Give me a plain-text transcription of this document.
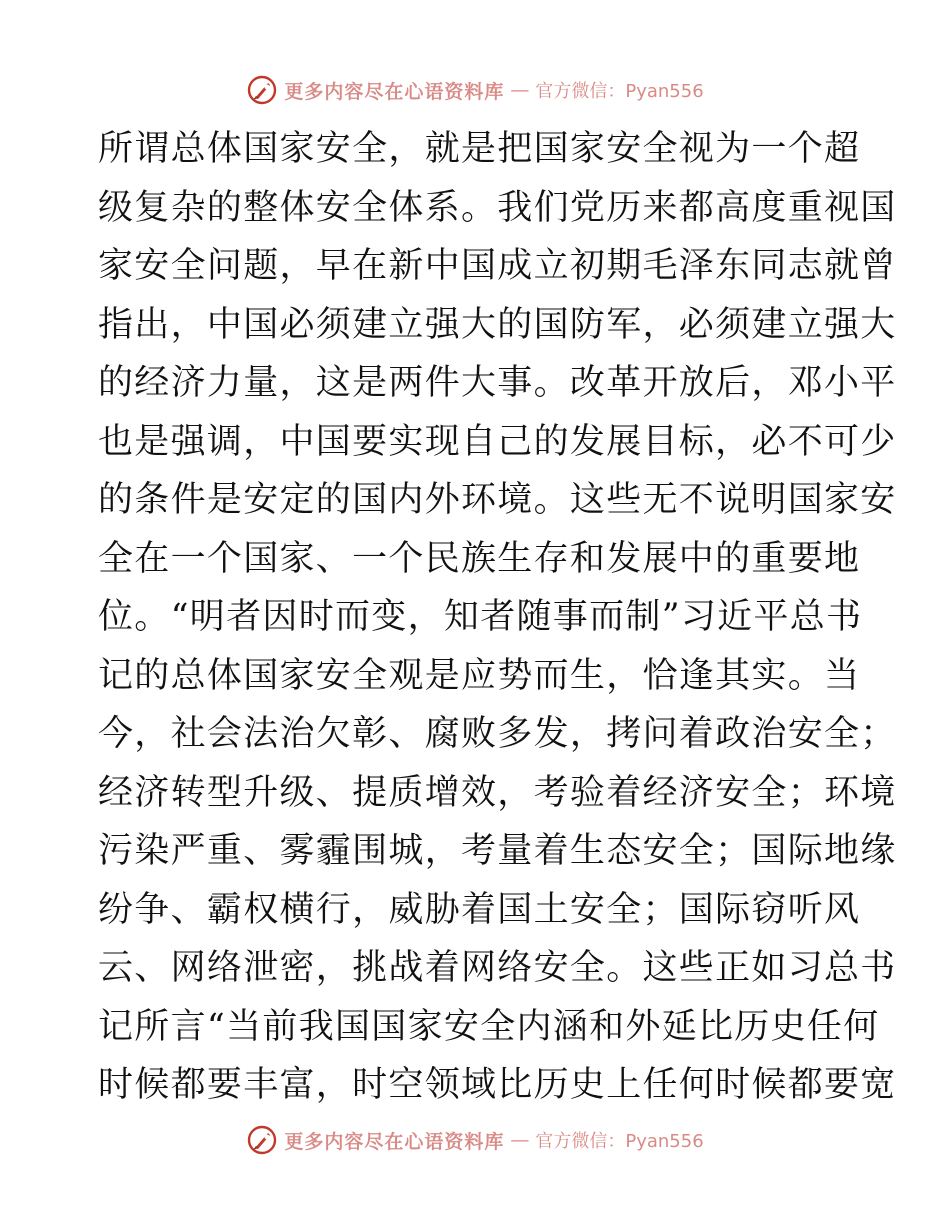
更多内容尽在心语资料库 — 官方微信：Pyan556
所谓总体国家安全，就是把国家安全视为一个超
级复杂的整体安全体系。我们党历来都高度重视国
家安全问题，早在新中国成立初期毛泽东同志就曾
指出，中国必须建立强大的国防军，必须建立强大
的经济力量，这是两件大事。改革开放后，邓小平
也是强调，中国要实现自己的发展目标，必不可少
的条件是安定的国内外环境。这些无不说明国家安
全在一个国家、一个民族生存和发展中的重要地
位。“明者因时而变，知者随事而制”习近平总书
记的总体国家安全观是应势而生，恰逢其实。当
今，社会法治欠彰、腐败多发，拷问着政治安全；
经济转型升级、提质增效，考验着经济安全；环境
污染严重、雾霾围城，考量着生态安全；国际地缘
纷争、霸权横行，威胁着国土安全；国际窃听风
云、网络泄密，挑战着网络安全。这些正如习总书
记所言“当前我国国家安全内涵和外延比历史任何
时候都要丰富，时空领域比历史上任何时候都要宽
更多内容尽在心语资料库 — 官方微信：Pyan556
